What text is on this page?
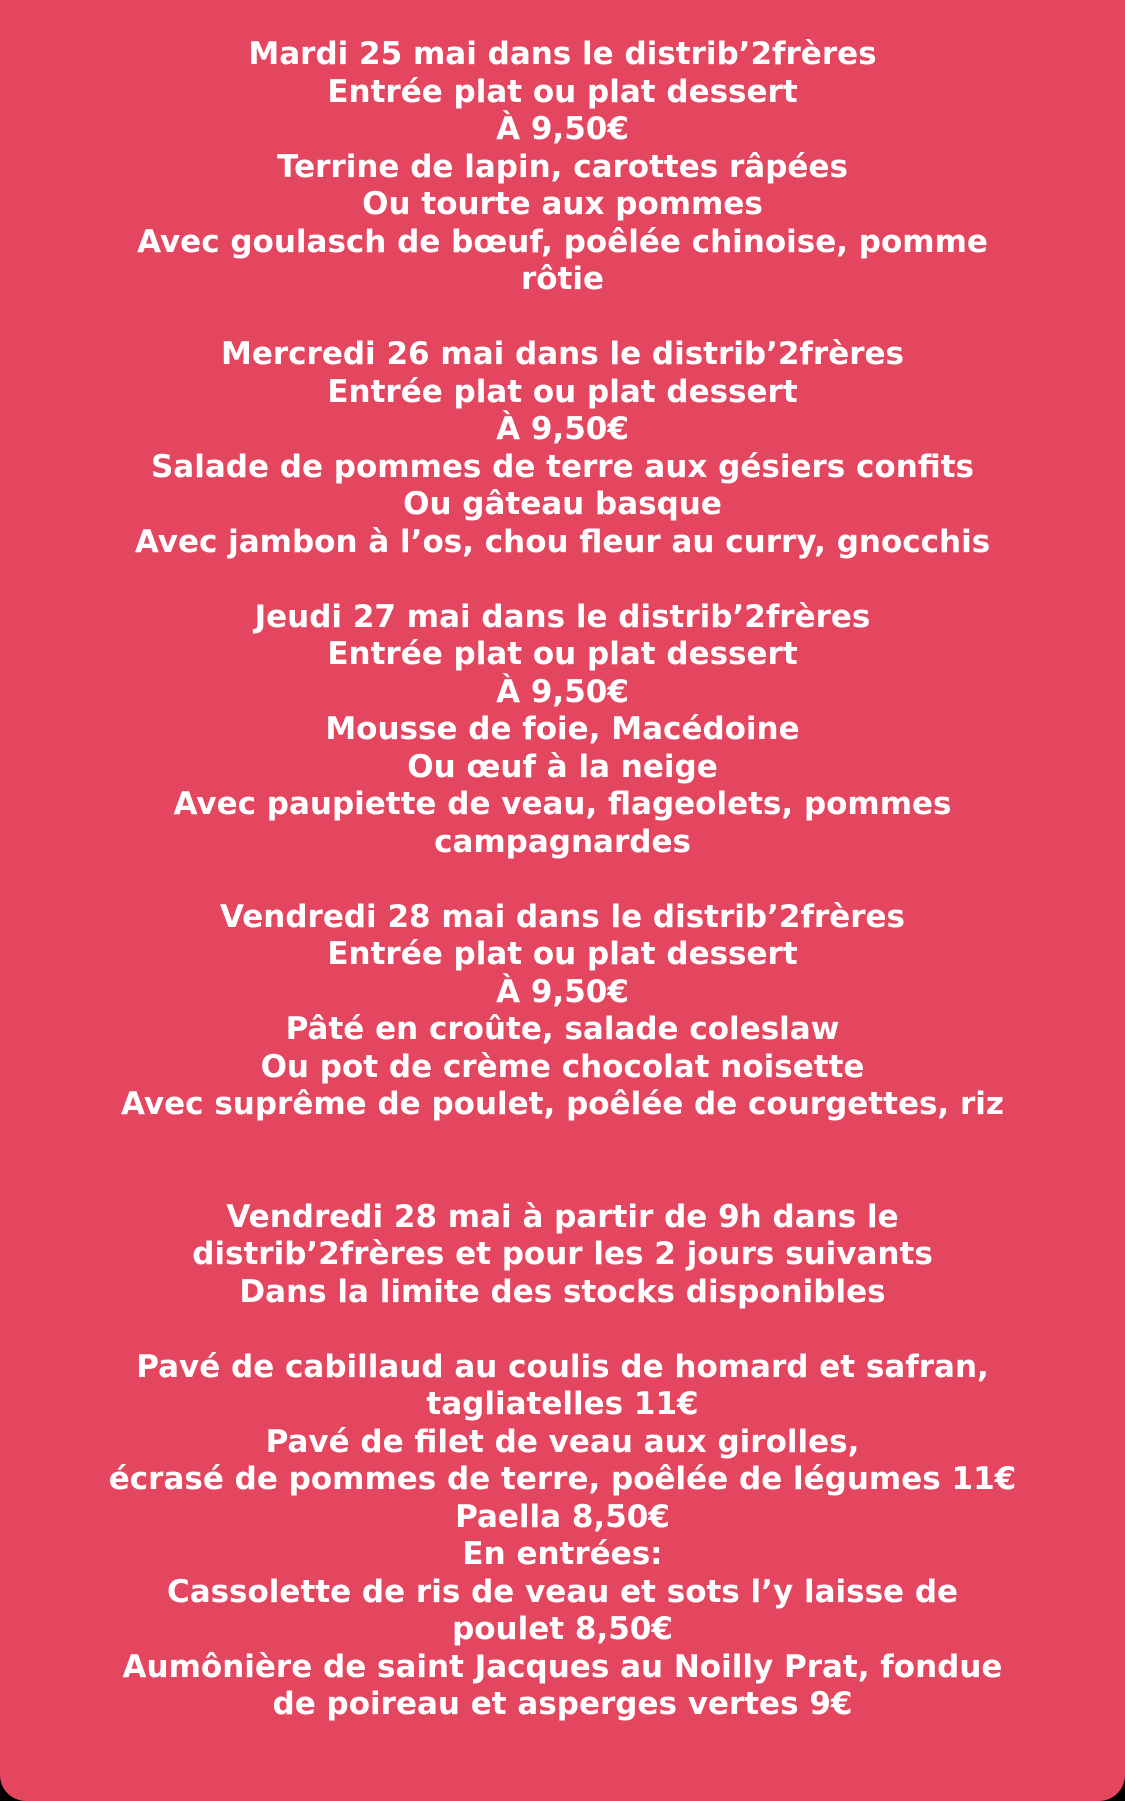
Mardi 25 mai dans le distrib’2frères
Entrée plat ou plat dessert
À 9,50€
Terrine de lapin, carottes râpées
Ou tourte aux pommes
Avec goulasch de bœuf, poêlée chinoise, pomme
rôtie
Mercredi 26 mai dans le distrib’2frères
Entrée plat ou plat dessert
À 9,50€
Salade de pommes de terre aux gésiers confits
Ou gâteau basque
Avec jambon à l’os, chou fleur au curry, gnocchis
Jeudi 27 mai dans le distrib’2frères
Entrée plat ou plat dessert
À 9,50€
Mousse de foie, Macédoine
Ou œuf à la neige
Avec paupiette de veau, flageolets, pommes
campagnardes
Vendredi 28 mai dans le distrib’2frères
Entrée plat ou plat dessert
À 9,50€
Pâté en croûte, salade coleslaw
Ou pot de crème chocolat noisette
Avec suprême de poulet, poêlée de courgettes, riz
Vendredi 28 mai à partir de 9h dans le
distrib’2frères et pour les 2 jours suivants
Dans la limite des stocks disponibles
Pavé de cabillaud au coulis de homard et safran,
tagliatelles 11€
Pavé de filet de veau aux girolles,
écrasé de pommes de terre, poêlée de légumes 11€
Paella 8,50€
En entrées:
Cassolette de ris de veau et sots l’y laisse de
poulet 8,50€
Aumônière de saint Jacques au Noilly Prat, fondue
de poireau et asperges vertes 9€
